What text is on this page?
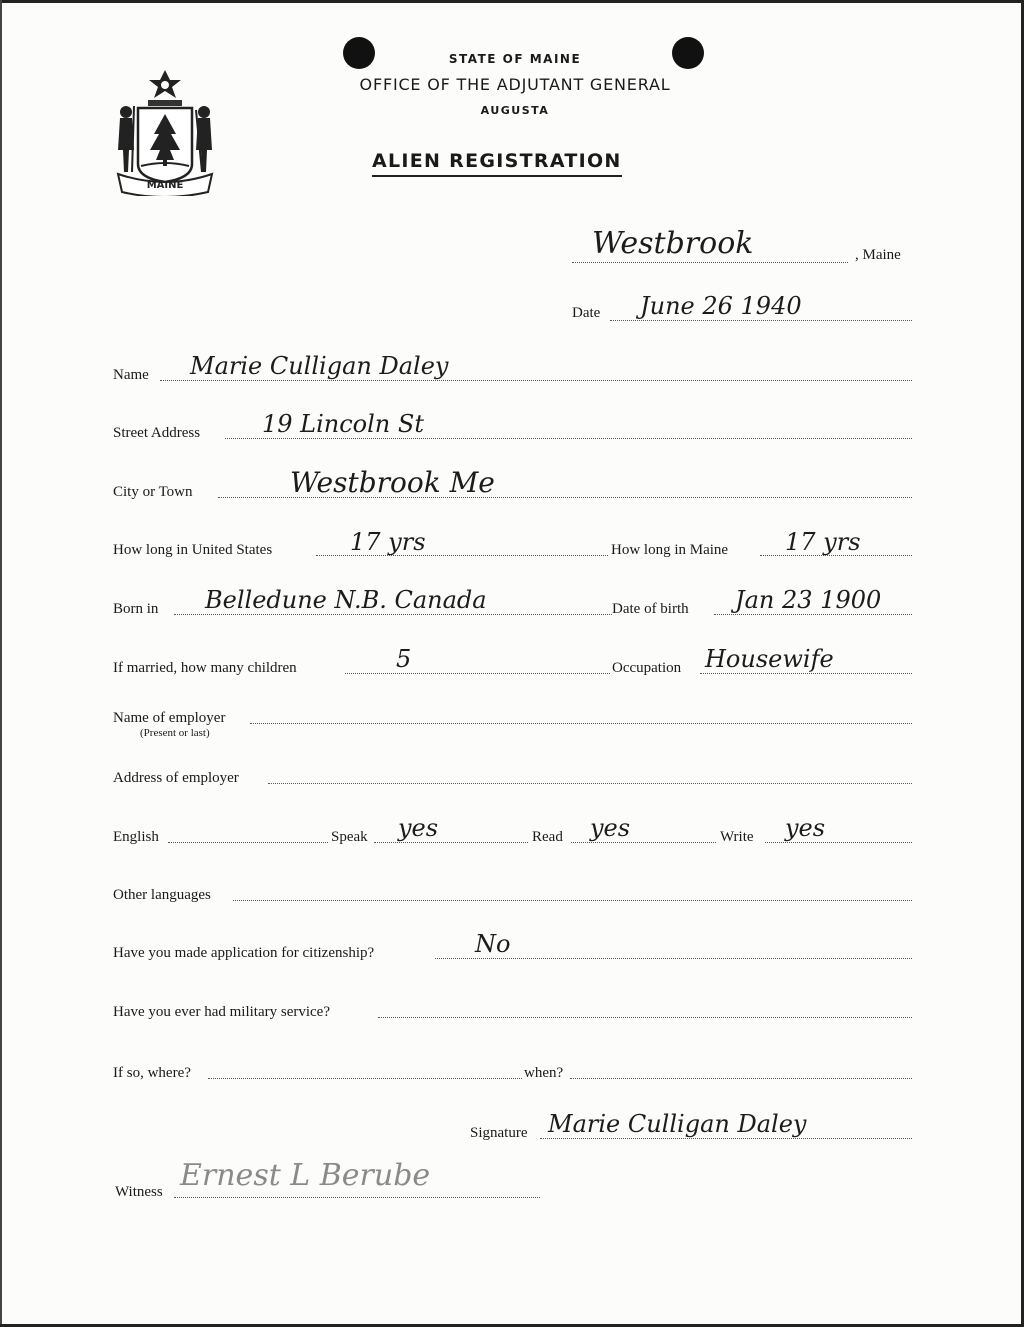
MAINE
STATE OF MAINE
OFFICE OF THE ADJUTANT GENERAL
AUGUSTA
ALIEN REGISTRATION
Westbrook	, Maine
Date June 26 1940
Name Marie Culligan Daley
Street Address	19 Lincoln St
City or Town	Westbrook Me
How long in United States	17 yrs	How long in Maine 17 yrs
Born in Belledune N.B. Canada	Date of birth Jan 23 1900
If married, how many children	5	Occupation Housewife
Name of employer
(Present or last)
Address of employer
English	Speak yes	Read yes	Write yes
Other languages
Have you made application for citizenship?	No
Have you ever had military service?
If so, where?	when?
Signature Marie Culligan Daley
Witness Ernest L Berube
